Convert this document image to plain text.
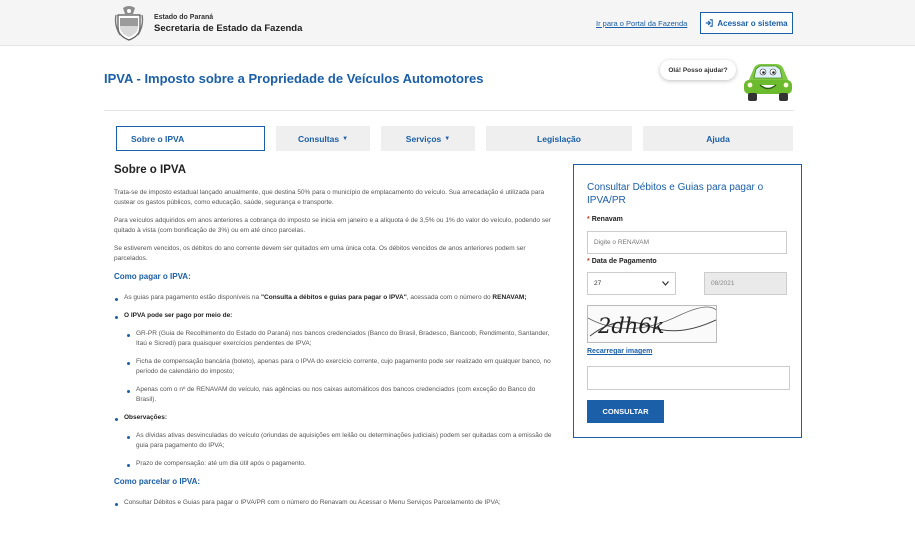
Estado do Paraná
Secretaria de Estado da Fazenda	Ir para o Portal da Fazenda	Acessar o sistema
IPVA - Imposto sobre a Propriedade de Veículos Automotores
Olá! Posso ajudar?
Sobre o IPVA	Consultas ▼	Serviços ▼	Legislação	Ajuda
Sobre o IPVA

Trata-se de imposto estadual lançado anualmente, que destina 50% para o município de emplacamento do veículo. Sua arrecadação é utilizada para custear os gastos públicos, como educação, saúde, segurança e transporte.

Para veículos adquiridos em anos anteriores a cobrança do imposto se inicia em janeiro e a alíquota é de 3,5% ou 1% do valor do veículo, podendo ser quitado à vista (com bonificação de 3%) ou em até cinco parcelas.

Se estiverem vencidos, os débitos do ano corrente devem ser quitados em uma única cota. Os débitos vencidos de anos anteriores podem ser parcelados.

Como pagar o IPVA:
As guias para pagamento estão disponíveis na "Consulta a débitos e guias para pagar o IPVA", acessada com o número do RENAVAM;
O IPVA pode ser pago por meio de:
GR-PR (Guia de Recolhimento do Estado do Paraná) nos bancos credenciados (Banco do Brasil, Bradesco, Bancoob, Rendimento, Santander, Itaú e Sicredi) para quaisquer exercícios pendentes de IPVA;
Ficha de compensação bancária (boleto), apenas para o IPVA do exercício corrente, cujo pagamento pode ser realizado em qualquer banco, no período de calendário do imposto;
Apenas com o nº de RENAVAM do veículo, nas agências ou nos caixas automáticos dos bancos credenciados (com exceção do Banco do Brasil).
Observações:
As dívidas ativas desvinculadas do veículo (oriundas de aquisições em leilão ou determinações judiciais) podem ser quitadas com a emissão de guia para pagamento do IPVA;
Prazo de compensação: até um dia útil após o pagamento.
Como parcelar o IPVA:
Consultar Débitos e Guias para pagar o IPVA/PR com o número do Renavam ou Acessar o Menu Serviços Parcelamento de IPVA;
Consultar Débitos e Guias para pagar o IPVA/PR
* Renavam
Digite o RENAVAM
* Data de Pagamento
27	08/2021
2dh6k
Recarregar imagem
CONSULTAR
